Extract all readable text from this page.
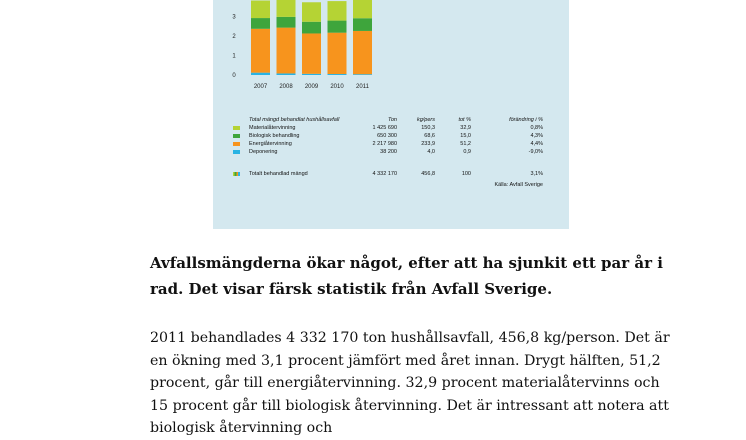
0
1
2
3
2007 2008 2009 2010 2011
Total mängd behandlat hushållsavfall	Ton	kg/pers	tot %	förändring i %
Materialåtervinning	1 425 690	150,3	32,9	0,8%
Biologisk behandling	650 300	68,6	15,0	4,3%
Energiåtervinning	2 217 980	233,9	51,2	4,4%
Deponering	38 200	4,0	0,9	-9,0%
Totalt behandlad mängd	4 332 170	456,8	100	3,1%
Källa: Avfall Sverige

Avfallsmängderna ökar något, efter att ha sjunkit ett par år i rad. Det visar färsk statistik från Avfall Sverige.

2011 behandlades 4 332 170 ton hushållsavfall, 456,8 kg/person. Det är en ökning med 3,1 procent jämfört med året innan. Drygt hälften, 51,2 procent, går till energiåtervinning. 32,9 procent materialåtervinns och 15 procent går till biologisk återvinning. Det är intressant att notera att biologisk återvinning och
